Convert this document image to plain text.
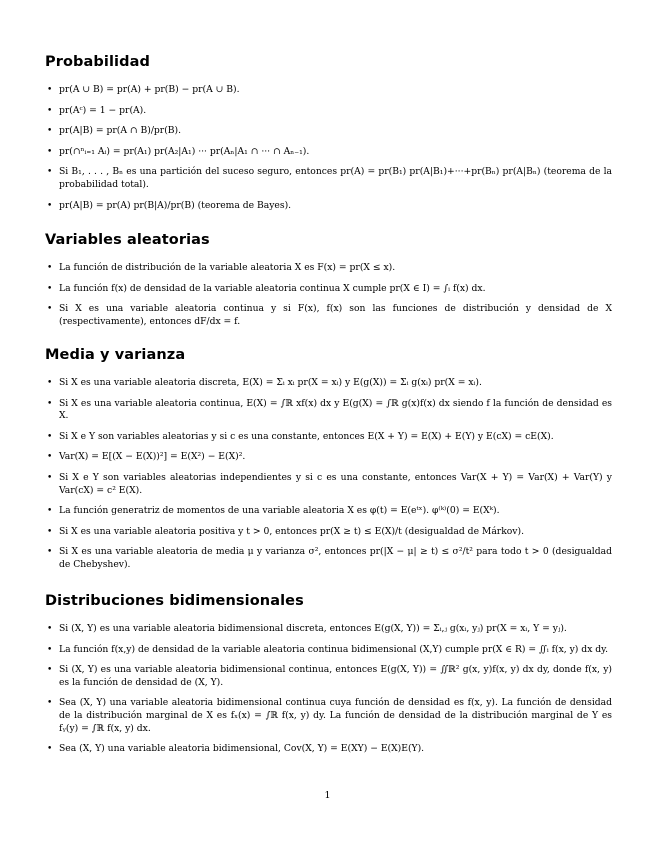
Probabilidad
• pr(A ∪ B) = pr(A) + pr(B) − pr(A ∪ B).
• pr(Aᶜ) = 1 − pr(A).
• pr(A|B) = pr(A ∩ B)/pr(B).
• pr(∩ⁿᵢ₌₁ Aᵢ) = pr(A₁) pr(A₂|A₁) ··· pr(Aₙ|A₁ ∩ ··· ∩ Aₙ₋₁).
• Si B₁, . . . , Bₙ es una partición del suceso seguro, entonces pr(A) = pr(B₁) pr(A|B₁)+···+pr(Bₙ) pr(A|Bₙ) (teorema de la probabilidad total).
• pr(A|B) = pr(A) pr(B|A)/pr(B) (teorema de Bayes).
Variables aleatorias
• La función de distribución de la variable aleatoria X es F(x) = pr(X ≤ x).
• La función f(x) de densidad de la variable aleatoria continua X cumple pr(X ∈ I) = ∫ᵢ f(x) dx.
• Si X es una variable aleatoria continua y si F(x), f(x) son las funciones de distribución y densidad de X (respectivamente), entonces dF/dx = f.
Media y varianza
• Si X es una variable aleatoria discreta, E(X) = Σᵢ xᵢ pr(X = xᵢ) y E(g(X)) = Σᵢ g(xᵢ) pr(X = xᵢ).
• Si X es una variable aleatoria continua, E(X) = ∫ℝ xf(x) dx y E(g(X) = ∫ℝ g(x)f(x) dx siendo f la función de densidad es X.
• Si X e Y son variables aleatorias y si c es una constante, entonces E(X + Y) = E(X) + E(Y) y E(cX) = cE(X).
• Var(X) = E[(X − E(X))²] = E(X²) − E(X)².
• Si X e Y son variables aleatorias independientes y si c es una constante, entonces Var(X + Y) = Var(X) + Var(Y) y Var(cX) = c² E(X).
• La función generatriz de momentos de una variable aleatoria X es φ(t) = E(eᵗˣ). φ⁽ᵏ⁾(0) = E(Xᵏ).
• Si X es una variable aleatoria positiva y t > 0, entonces pr(X ≥ t) ≤ E(X)/t (desigualdad de Márkov).
• Si X es una variable aleatoria de media μ y varianza σ², entonces pr(|X − μ| ≥ t) ≤ σ²/t² para todo t > 0 (desigualdad de Chebyshev).
Distribuciones bidimensionales
• Si (X, Y) es una variable aleatoria bidimensional discreta, entonces E(g(X, Y)) = Σᵢ,ⱼ g(xᵢ, yⱼ) pr(X = xᵢ, Y = yⱼ).
• La función f(x,y) de densidad de la variable aleatoria continua bidimensional (X,Y) cumple pr(X ∈ R) = ∬ᵢ f(x, y) dx dy.
• Si (X, Y) es una variable aleatoria bidimensional continua, entonces E(g(X, Y)) = ∬ℝ² g(x, y)f(x, y) dx dy, donde f(x, y) es la función de densidad de (X, Y).
• Sea (X, Y) una variable aleatoria bidimensional continua cuya función de densidad es f(x, y). La función de densidad de la distribución marginal de X es fₓ(x) = ∫ℝ f(x, y) dy. La función de densidad de la distribución marginal de Y es fᵧ(y) = ∫ℝ f(x, y) dx.
• Sea (X, Y) una variable aleatoria bidimensional, Cov(X, Y) = E(XY) − E(X)E(Y).
1
